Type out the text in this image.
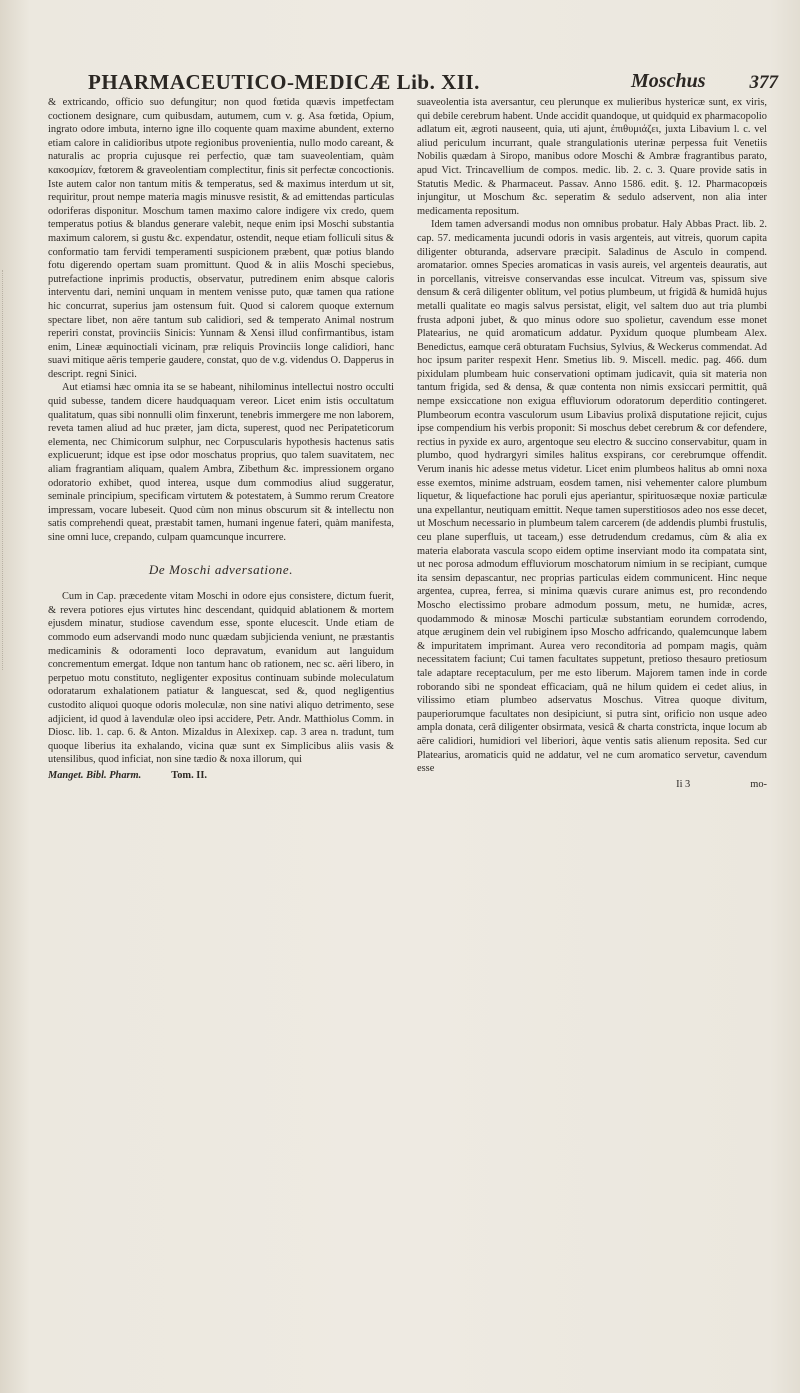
PHARMACEUTICO-MEDICÆ Lib. XII.	Moschus 377

& extricando, officio suo defungitur; non quod fœtida quævis impetfectam coctionem designare, cum quibusdam, autumem, cum v. g. Asa fœtida, Opium, ingrato odore imbuta, interno igne illo coquente quam maxime abundent, externo etiam calore in calidioribus utpote regionibus provenientia, nullo modo careant, & naturalis ac propria cujusque rei perfectio, quæ tam suaveolentiam, quàm κακοσμίαν, fœtorem & graveolentiam complectitur, finis sit perfectæ concoctionis. Iste autem calor non tantum mitis & temperatus, sed & maximus interdum ut sit, requiritur, prout nempe materia magis minusve resistit, & ad emittendas particulas odoriferas disponitur. Moschum tamen maximo calore indigere vix credo, quem temperatus potius & blandus generare valebit, neque enim ipsi Moschi substantia maximum calorem, si gustu &c. expendatur, ostendit, neque etiam folliculi situs & conformatio tam fervidi temperamenti suspicionem præbent, quæ potius blando fotu digerendo opertam suam promittunt. Quod & in aliis Moschi speciebus, putrefactione inprimis productis, observatur, putredinem enim absque caloris interventu dari, nemini unquam in mentem venisse puto, quæ tamen qua ratione hic concurrat, superius jam ostensum fuit. Quod si calorem quoque externum spectare libet, non aëre tantum sub calidiori, sed & temperato Animal nostrum reperiri constat, provinciis Sinicis: Yunnam & Xensi illud confirmantibus, istam enim, Lineæ æquinoctiali vicinam, præ reliquis Provinciis longe calidiori, hanc suavi mitique aëris temperie gaudere, constat, quo de v.g. videndus O. Dapperus in descript. regni Sinici.

Aut etiamsi hæc omnia ita se se habeant, nihilominus intellectui nostro occulti quid subesse, tandem dicere haudquaquam vereor. Licet enim istis occultatum qualitatum, quas sibi nonnulli olim finxerunt, tenebris immergere me non laborem, reveta tamen aliud ad huc præter, jam dicta, superest, quod nec Peripateticorum elementa, nec Chimicorum sulphur, nec Corpuscularis hypothesis hactenus satis explicuerunt; idque est ipse odor moschatus proprius, quo talem suavitatem, nec aliam fragrantiam aliquam, qualem Ambra, Zibethum &c. impressionem organo odoratorio exhibet, quod interea, usque dum commodius aliud suggeratur, seminale principium, specificam virtutem & potestatem, à Summo rerum Creatore impressam, vocare lubeseit. Quod cùm non minus obscurum sit & intellectu non satis comprehendi queat, præstabit tamen, humani ingenue fateri, quàm manifesta, sine omni luce, crepando, culpam quamcunque incurrere.

De Moschi adversatione.

Cum in Cap. præcedente vitam Moschi in odore ejus consistere, dictum fuerit, & revera potiores ejus virtutes hinc descendant, quidquid ablationem & mortem ejusdem minatur, studiose cavendum esse, sponte elucescit. Unde etiam de commodo eum adservandi modo nunc quædam subjicienda veniunt, ne præstantis medicaminis & odoramenti loco depravatum, evanidum aut languidum concrementum emergat. Idque non tantum hanc ob rationem, nec sc. aëri libero, in perpetuo motu constituto, negligenter expositus continuam subinde moleculatum odoratarum exhalationem patiatur & languescat, sed &, quod negligentius custodito aliquoi quoque odoris moleculæ, non sine nativi aliquo detrimento, sese adjicient, id quod à lavendulæ oleo ipsi accidere, Petr. Andr. Matthiolus Comm. in Diosc. lib. 1. cap. 6. & Anton. Mizaldus in Alexixep. cap. 3 area n. tradunt, tum quoque liberius ita exhalando, vicina quæ sunt ex Simplicibus aliis vasis & utensilibus, quod inficiat, non sine tædio & noxa illorum, qui

Manget. Bibl. Pharm.	Tom. II.

suaveolentia ista aversantur, ceu plerunque ex mulieribus hystericæ sunt, ex viris, qui debile cerebrum habent. Unde accidit quandoque, ut quidquid ex pharmacopolio adlatum eit, ægroti nauseent, quia, uti ajunt, ἐπιθυμιάζει, juxta Libavium l. c. vel aliud periculum incurrant, quale strangulationis uterinæ perpessa fuit Venetiis Nobilis quædam à Siropo, manibus odore Moschi & Ambræ fragrantibus parato, apud Vict. Trincavellium de compos. medic. lib. 2. c. 3. Quare provide satis in Statutis Medic. & Pharmaceut. Passav. Anno 1586. edit. §. 12. Pharmacopœis injungitur, ut Moschum &c. seperatim & sedulo adservent, non alia inter medicamenta repositum.

Idem tamen adversandi modus non omnibus probatur. Haly Abbas Pract. lib. 2. cap. 57. medicamenta jucundi odoris in vasis argenteis, aut vitreis, quorum capita diligenter obturanda, adservare præcipit. Saladinus de Asculo in compend. aromatarior. omnes Species aromaticas in vasis aureis, vel argenteis deauratis, aut in porcellanis, vitreisve conservandas esse inculcat. Vitreum vas, spissum sive densum & cerâ diligenter oblitum, vel potius plumbeum, ut frigidâ & humidâ hujus metalli qualitate eo magis salvus persistat, eligit, vel saltem duo aut tria plumbi frusta adponi jubet, & quo minus odore suo spolietur, cavendum esse monet Platearius, ne quid aromaticum addatur. Pyxidum quoque plumbeam Alex. Benedictus, eamque cerâ obturatam Fuchsius, Sylvius, & Weckerus commendat. Ad hoc ipsum pariter respexit Henr. Smetius lib. 9. Miscell. medic. pag. 466. dum pixidulam plumbeam huic conservationi optimam judicavit, quia sit materia non tantum frigida, sed & densa, & quæ contenta non nimis exsiccari permittit, quâ nempe exsiccatione non exigua effluviorum odoratorum deperditio contingeret. Plumbeorum econtra vasculorum usum Libavius prolixâ disputatione rejicit, cujus ipse compendium his verbis proponit: Si moschus debet cerebrum & cor defendere, rectius in pyxide ex auro, argentoque seu electro & succino conservabitur, quam in plumbo, quod hydrargyri similes halitus exspirans, cor cerebrumque offendit. Verum inanis hic adesse metus videtur. Licet enim plumbeos halitus ab omni noxa esse exemtos, minime adstruam, eosdem tamen, nisi vehementer calore plumbum liquetur, & liquefactione hac poruli ejus aperiantur, spirituosæque noxiæ particulæ una expellantur, neutiquam emittit. Neque tamen superstitiosos adeo nos esse decet, ut Moschum necessario in plumbeum talem carcerem (de addendis plumbi frustulis, ceu plane superfluis, ut taceam,) esse detrudendum credamus, cùm & alia ex materia elaborata vascula scopo eidem optime inserviant modo ita compatata sint, ut nec porosa admodum effluviorum moschatorum nimium in se recipiant, cumque ita sensim depascantur, nec proprias particulas eidem communicent. Hinc neque argentea, cuprea, ferrea, si minima quævis curare animus est, pro recondendo Moscho electissimo probare admodum possum, metu, ne humidæ, acres, quodammodo & minosæ Moschi particulæ substantiam eorundem corrodendo, atque æruginem dein vel rubiginem ipso Moscho adfricando, qualemcunque labem & impuritatem imprimant. Aurea vero reconditoria ad pompam magis, quàm necessitatem faciunt; Cui tamen facultates suppetunt, pretioso thesauro pretiosum tale adaptare receptaculum, per me esto liberum. Majorem tamen inde in corde roborando sibi ne spondeat efficaciam, quâ ne hilum quidem ei cedet alius, in vilissimo etiam plumbeo adservatus Moschus. Vitrea quoque divitum, pauperiorumque facultates non desipiciunt, si putra sint, orificio non usque adeo ampla donata, cerâ diligenter obsirmata, vesicâ & charta constricta, inque locum ab aëre calidiori, humidiori vel liberiori, àque ventis satis alienum reposita. Sed cur Platearius, aromaticis quid ne addatur, vel ne cum aromatico servetur, cavendum esse

Ii 3	mo-
